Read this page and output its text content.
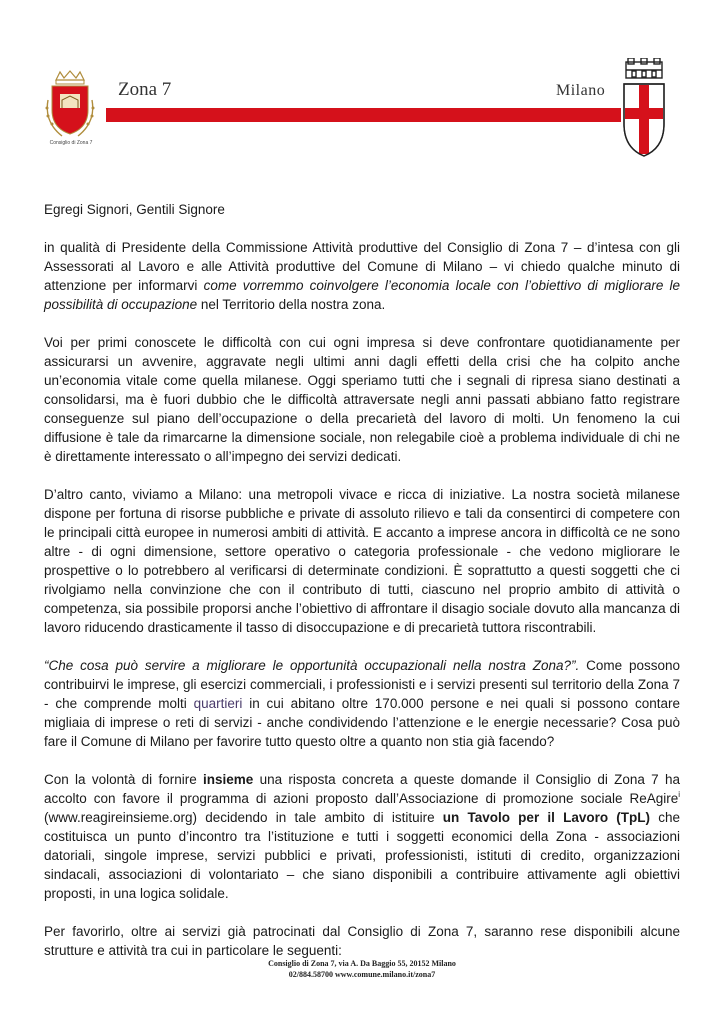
Consiglio di Zona 7
Zona 7	Milano

Egregi Signori, Gentili Signore

in qualità di Presidente della Commissione Attività produttive del Consiglio di Zona 7 – d’intesa con gli Assessorati al Lavoro e alle Attività produttive del Comune di Milano – vi chiedo qualche minuto di attenzione per informarvi come vorremmo coinvolgere l’economia locale con l’obiettivo di migliorare le possibilità di occupazione nel Territorio della nostra zona.

Voi per primi conoscete le difficoltà con cui ogni impresa si deve confrontare quotidianamente per assicurarsi un avvenire, aggravate negli ultimi anni dagli effetti della crisi che ha colpito anche un’economia vitale come quella milanese. Oggi speriamo tutti che i segnali di ripresa siano destinati a consolidarsi, ma è fuori dubbio che le difficoltà attraversate negli anni passati abbiano fatto registrare conseguenze sul piano dell’occupazione o della precarietà del lavoro di molti. Un fenomeno la cui diffusione è tale da rimarcarne la dimensione sociale, non relegabile cioè a problema individuale di chi ne è direttamente interessato o all’impegno dei servizi dedicati.

D’altro canto, viviamo a Milano: una metropoli vivace e ricca di iniziative. La nostra società milanese dispone per fortuna di risorse pubbliche e private di assoluto rilievo e tali da consentirci di competere con le principali città europee in numerosi ambiti di attività. E accanto a imprese ancora in difficoltà ce ne sono altre - di ogni dimensione, settore operativo o categoria professionale - che vedono migliorare le prospettive o lo potrebbero al verificarsi di determinate condizioni. È soprattutto a questi soggetti che ci rivolgiamo nella convinzione che con il contributo di tutti, ciascuno nel proprio ambito di attività o competenza, sia possibile proporsi anche l’obiettivo di affrontare il disagio sociale dovuto alla mancanza di lavoro riducendo drasticamente il tasso di disoccupazione e di precarietà tuttora riscontrabili.

“Che cosa può servire a migliorare le opportunità occupazionali nella nostra Zona?”. Come possono contribuirvi le imprese, gli esercizi commerciali, i professionisti e i servizi presenti sul territorio della Zona 7 - che comprende molti quartieri in cui abitano oltre 170.000 persone e nei quali si possono contare migliaia di imprese o reti di servizi - anche condividendo l’attenzione e le energie necessarie? Cosa può fare il Comune di Milano per favorire tutto questo oltre a quanto non stia già facendo?

Con la volontà di fornire insieme una risposta concreta a queste domande il Consiglio di Zona 7 ha accolto con favore il programma di azioni proposto dall’Associazione di promozione sociale ReAgire$^i$ (www.reagireinsieme.org) decidendo in tale ambito di istituire un Tavolo per il Lavoro (TpL) che costituisca un punto d’incontro tra l’istituzione e tutti i soggetti economici della Zona - associazioni datoriali, singole imprese, servizi pubblici e privati, professionisti, istituti di credito, organizzazioni sindacali, associazioni di volontariato – che siano disponibili a contribuire attivamente agli obiettivi proposti, in una logica solidale.

Per favorirlo, oltre ai servizi già patrocinati dal Consiglio di Zona 7, saranno rese disponibili alcune strutture e attività tra cui in particolare le seguenti:

Consiglio di Zona 7, via A. Da Baggio 55, 20152 Milano
02/884.58700 www.comune.milano.it/zona7
